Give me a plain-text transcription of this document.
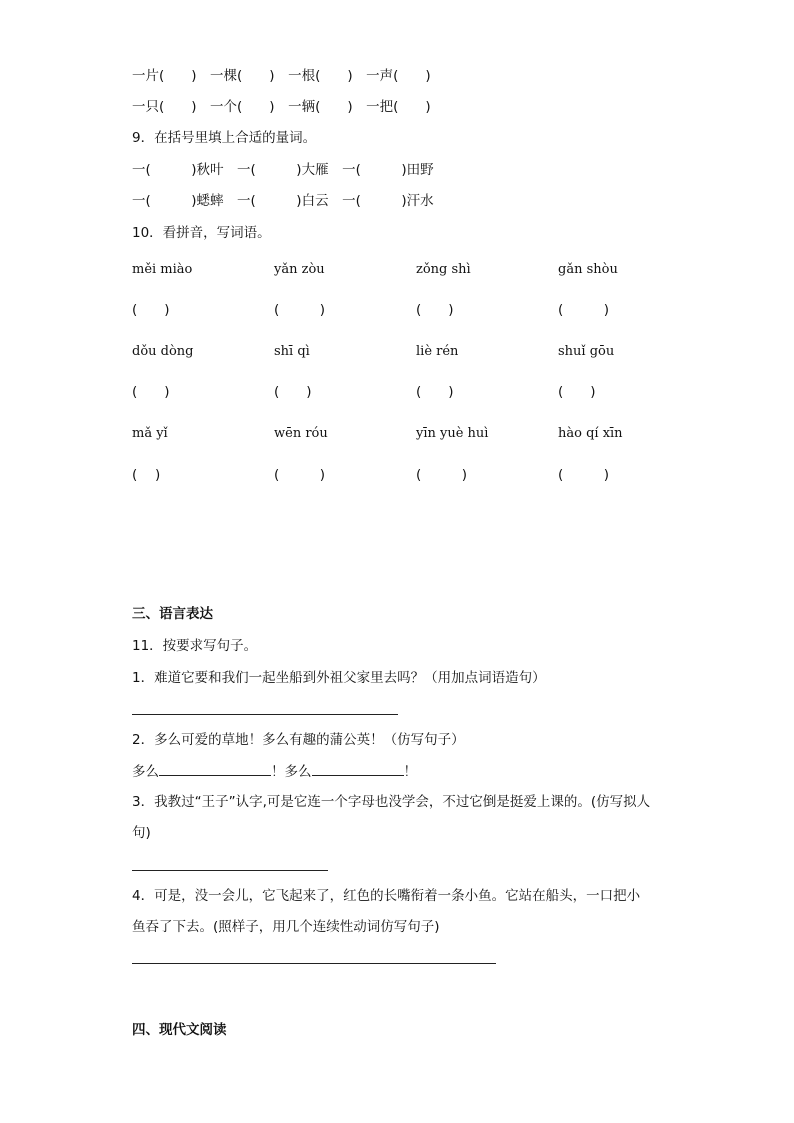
一片(　　)　一棵(　　)　一根(　　)　一声(　　)
一只(　　)　一个(　　)　一辆(　　)　一把(　　)
9．在括号里填上合适的量词。
一(　　　)秋叶　一(　　　)大雁　一(　　　)田野
一(　　　)蟋蟀　一(　　　)白云　一(　　　)汗水
10．看拼音，写词语。
měi miào	yǎn zòu	zǒng shì	gǎn shòu
(　　)	(　　　)	(　　)	(　　　)
dǒu dòng	shī qì	liè rén	shuǐ gōu
(　　)	(　　)	(　　)	(　　)
mǎ yǐ	wēn róu	yīn yuè huì	hào qí xīn
(　 )	(　　　)	(　　　)	(　　　)
三、语言表达
11．按要求写句子。
1．难道它要和我们一起坐船到外祖父家里去吗？（用加点词语造句）
2．多么可爱的草地！多么有趣的蒲公英！（仿写句子）
多么	！多么	！
3．我教过“王子”认字,可是它连一个字母也没学会，不过它倒是挺爱上课的。(仿写拟人
句)
4．可是，没一会儿，它飞起来了，红色的长嘴衔着一条小鱼。它站在船头，一口把小
鱼吞了下去。(照样子，用几个连续性动词仿写句子)
四、现代文阅读
